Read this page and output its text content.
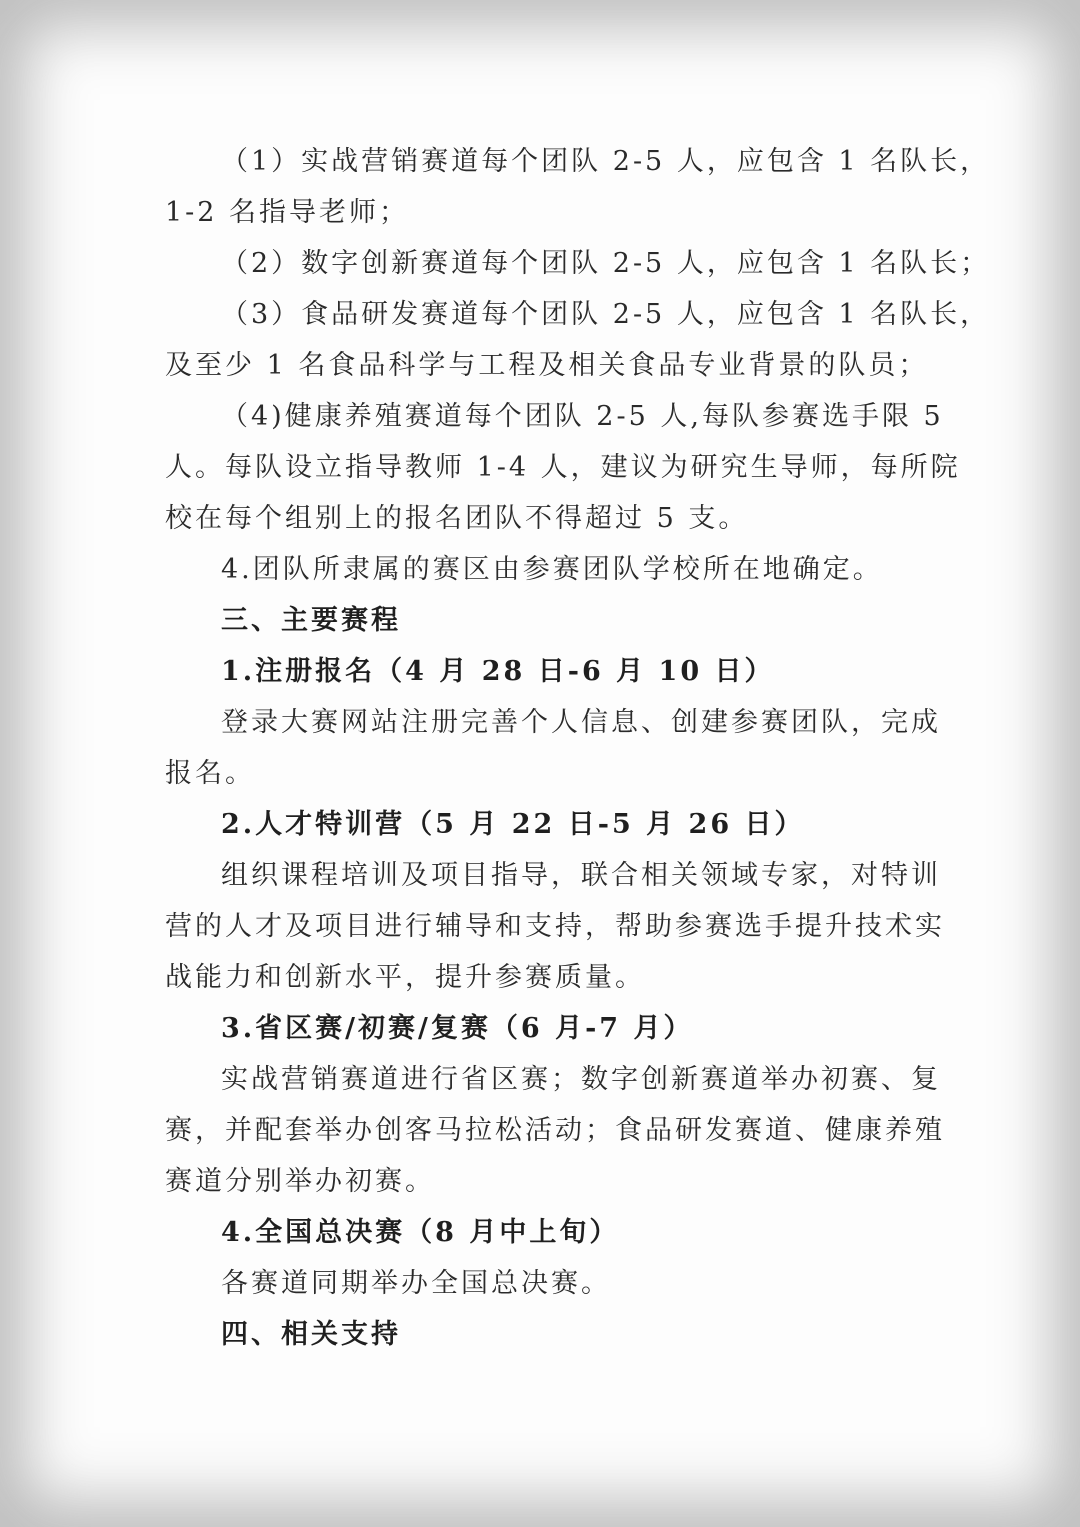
（1）实战营销赛道每个团队 2-5 人，应包含 1 名队长，
1-2 名指导老师；

（2）数字创新赛道每个团队 2-5 人，应包含 1 名队长；

（3）食品研发赛道每个团队 2-5 人，应包含 1 名队长，
及至少 1 名食品科学与工程及相关食品专业背景的队员；

（4)健康养殖赛道每个团队 2-5 人,每队参赛选手限 5
人。每队设立指导教师 1-4 人，建议为研究生导师，每所院
校在每个组别上的报名团队不得超过 5 支。

4.团队所隶属的赛区由参赛团队学校所在地确定。

三、主要赛程

1.注册报名（4 月 28 日-6 月 10 日）

登录大赛网站注册完善个人信息、创建参赛团队，完成
报名。

2.人才特训营（5 月 22 日-5 月 26 日）

组织课程培训及项目指导，联合相关领域专家，对特训
营的人才及项目进行辅导和支持，帮助参赛选手提升技术实
战能力和创新水平，提升参赛质量。

3.省区赛/初赛/复赛（6 月-7 月）

实战营销赛道进行省区赛；数字创新赛道举办初赛、复
赛，并配套举办创客马拉松活动；食品研发赛道、健康养殖
赛道分别举办初赛。

4.全国总决赛（8 月中上旬）

各赛道同期举办全国总决赛。

四、相关支持
